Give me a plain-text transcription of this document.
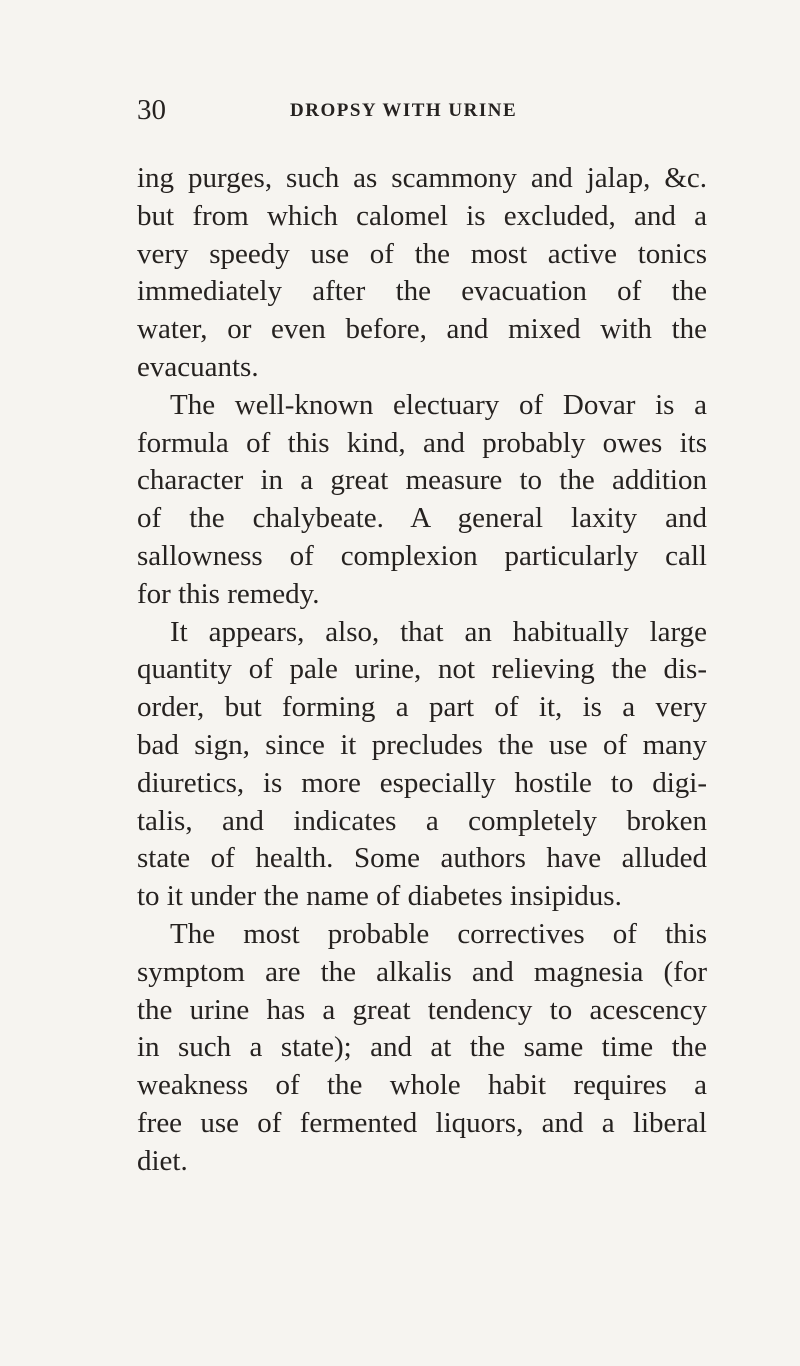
30	DROPSY WITH URINE

ing purges, such as scammony and jalap, &c.
but from which calomel is excluded, and a
very speedy use of the most active tonics
immediately after the evacuation of the
water, or even before, and mixed with the
evacuants.

The well-known electuary of Dovar is a
formula of this kind, and probably owes its
character in a great measure to the addition
of the chalybeate. A general laxity and
sallowness of complexion particularly call
for this remedy.

It appears, also, that an habitually large
quantity of pale urine, not relieving the dis-
order, but forming a part of it, is a very
bad sign, since it precludes the use of many
diuretics, is more especially hostile to digi-
talis, and indicates a completely broken
state of health. Some authors have alluded
to it under the name of diabetes insipidus.

The most probable correctives of this
symptom are the alkalis and magnesia (for
the urine has a great tendency to acescency
in such a state); and at the same time the
weakness of the whole habit requires a
free use of fermented liquors, and a liberal
diet.
